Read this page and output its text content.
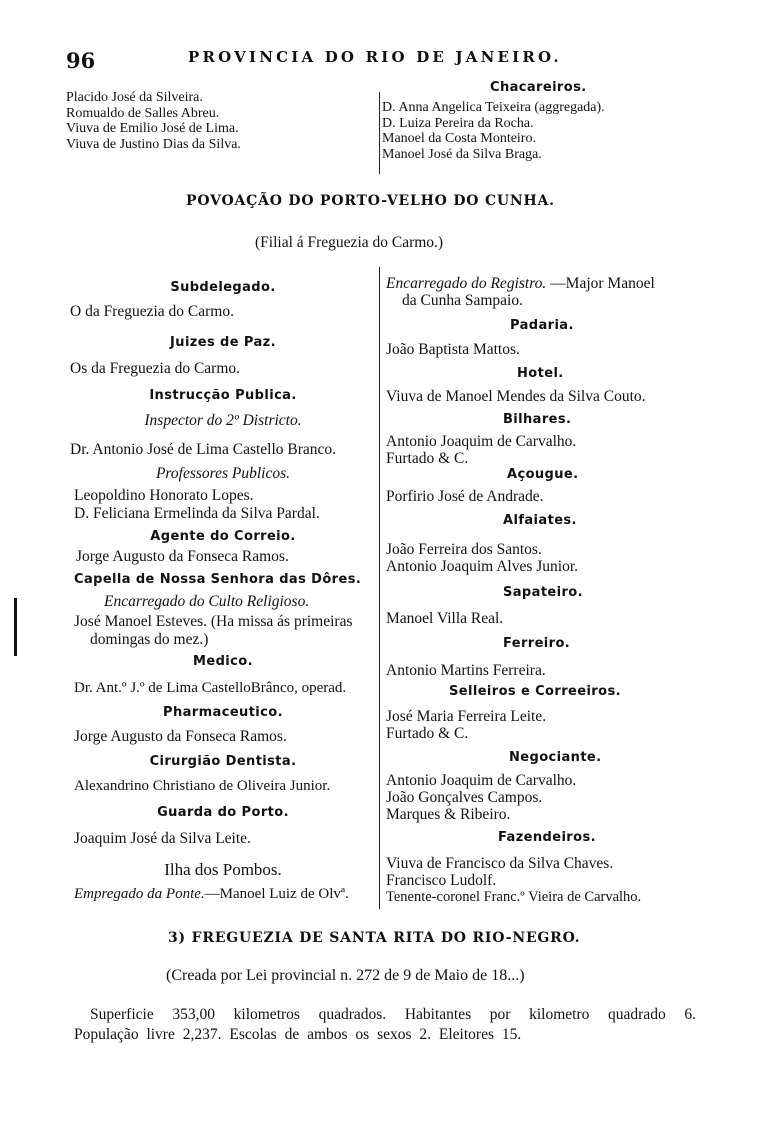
96	PROVINCIA DO RIO DE JANEIRO.
Placido José da Silveira.
Romualdo de Salles Abreu.
Viuva de Emilio José de Lima.
Viuva de Justino Dias da Silva.
Chacareiros.
D. Anna Angelica Teixeira (aggregada).
D. Luiza Pereira da Rocha.
Manoel da Costa Monteiro.
Manoel José da Silva Braga.
POVOAÇÃO DO PORTO-VELHO DO CUNHA.
(Filial á Freguezia do Carmo.)
Subdelegado.
O da Freguezia do Carmo.
Juizes de Paz.
Os da Freguezia do Carmo.
Instrucção Publica.
Inspector do 2º Districto.
Dr. Antonio José de Lima Castello Branco.
Professores Publicos.
Leopoldino Honorato Lopes.
D. Feliciana Ermelinda da Silva Pardal.
Agente do Correio.
Jorge Augusto da Fonseca Ramos.
Capella de Nossa Senhora das Dôres.
Encarregado do Culto Religioso.
José Manoel Esteves. (Ha missa ás primeiras
domingas do mez.)
Medico.
Dr. Ant.º J.º de Lima CastelloBrânco, operad.
Pharmaceutico.
Jorge Augusto da Fonseca Ramos.
Cirurgião Dentista.
Alexandrino Christiano de Oliveira Junior.
Guarda do Porto.
Joaquim José da Silva Leite.
Ilha dos Pombos.
Empregado da Ponte.—Manoel Luiz de Olvª.
Encarregado do Registro. —Major Manoel
da Cunha Sampaio.
Padaria.
João Baptista Mattos.
Hotel.
Viuva de Manoel Mendes da Silva Couto.
Bilhares.
Antonio Joaquim de Carvalho.
Furtado & C.
Açougue.
Porfirio José de Andrade.
Alfaiates.
João Ferreira dos Santos.
Antonio Joaquim Alves Junior.
Sapateiro.
Manoel Villa Real.
Ferreiro.
Antonio Martins Ferreira.
Selleiros e Correeiros.
José Maria Ferreira Leite.
Furtado & C.
Negociante.
Antonio Joaquim de Carvalho.
João Gonçalves Campos.
Marques & Ribeiro.
Fazendeiros.
Viuva de Francisco da Silva Chaves.
Francisco Ludolf.
Tenente-coronel Franc.º Vieira de Carvalho.
3) FREGUEZIA DE SANTA RITA DO RIO-NEGRO.
(Creada por Lei provincial n. 272 de 9 de Maio de 18...)
Superficie 353,00 kilometros quadrados. Habitantes por kilometro quadrado 6.
População livre 2,237. Escolas de ambos os sexos 2. Eleitores 15.
